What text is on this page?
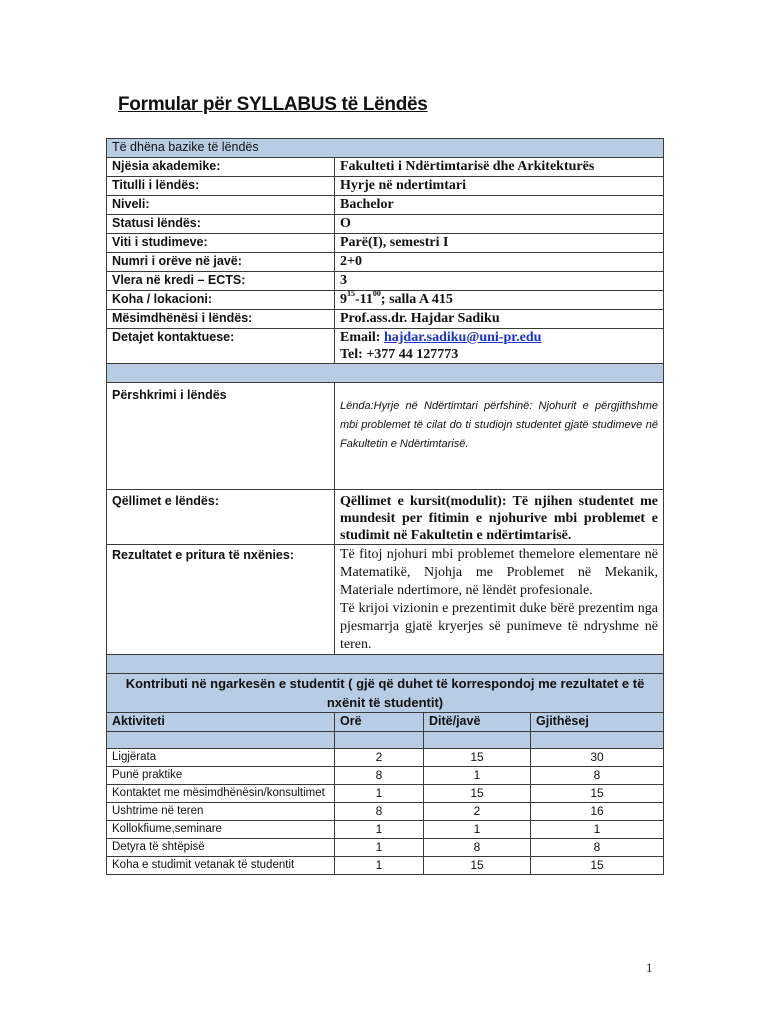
Formular për SYLLABUS të Lëndës
Të dhëna bazike të lëndës			
Njësia akademike:	Fakulteti i Ndërtimtarisë dhe Arkitekturës		
Titulli i lëndës:	Hyrje në ndertimtari		
Niveli:	Bachelor		
Statusi lëndës:	O		
Viti i studimeve:	Parë(I), semestri I		
Numri i orëve në javë:	2+0		
Vlera në kredi – ECTS:	3		
Koha / lokacioni:	$9^{15}-11^{00}$; salla A 415		
Mësimdhënësi i lëndës:	Prof.ass.dr. Hajdar Sadiku		
Detajet kontaktuese:	Email: hajdar.sadiku@uni-pr.edu
Tel: +377 44 127773		

Përshkrimi i lëndës	Lënda:Hyrje në Ndërtimtari përfshinë: Njohurit e përgjithshme mbi problemet të cilat do ti studiojn studentet gjatë studimeve në Fakultetin e Ndërtimtarisë.		
Qëllimet e lëndës:	Qëllimet e kursit(modulit): Të njihen studentet me mundesit per fitimin e njohurive mbi problemet e studimit në Fakultetin e ndërtimtarisë.		
Rezultatet e pritura të nxënies:	Të fitoj njohuri mbi problemet themelore elementare në Matematikë, Njohja me Problemet në Mekanik, Materiale ndertimore, në lëndët profesionale.
Të krijoi vizionin e prezentimit duke bërë prezentim nga pjesmarrja gjatë kryerjes së punimeve të ndryshme në teren.		

Kontributi në ngarkesën e studentit ( gjë që duhet të korrespondoj me rezultatet e të nxënit të studentit)			
Aktiviteti	Orë	Ditë/javë	Gjithësej

Ligjërata	2	15	30
Punë praktike	8	1	8
Kontaktet me mësimdhënësin/konsultimet	1	15	15
Ushtrime në teren	8	2	16
Kollokfiume,seminare	1	1	1
Detyra të shtëpisë	1	8	8
Koha e studimit vetanak të studentit	1	15	15
1
